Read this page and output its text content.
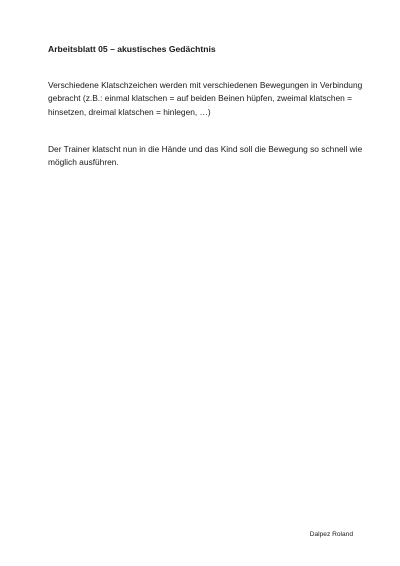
Arbeitsblatt 05 – akustisches Gedächtnis

Verschiedene Klatschzeichen werden mit verschiedenen Bewegungen in Verbindung gebracht (z.B.: einmal klatschen = auf beiden Beinen hüpfen, zweimal klatschen = hinsetzen, dreimal klatschen = hinlegen, …)

Der Trainer klatscht nun in die Hände und das Kind soll die Bewegung so schnell wie möglich ausführen.

Dalpez Roland
